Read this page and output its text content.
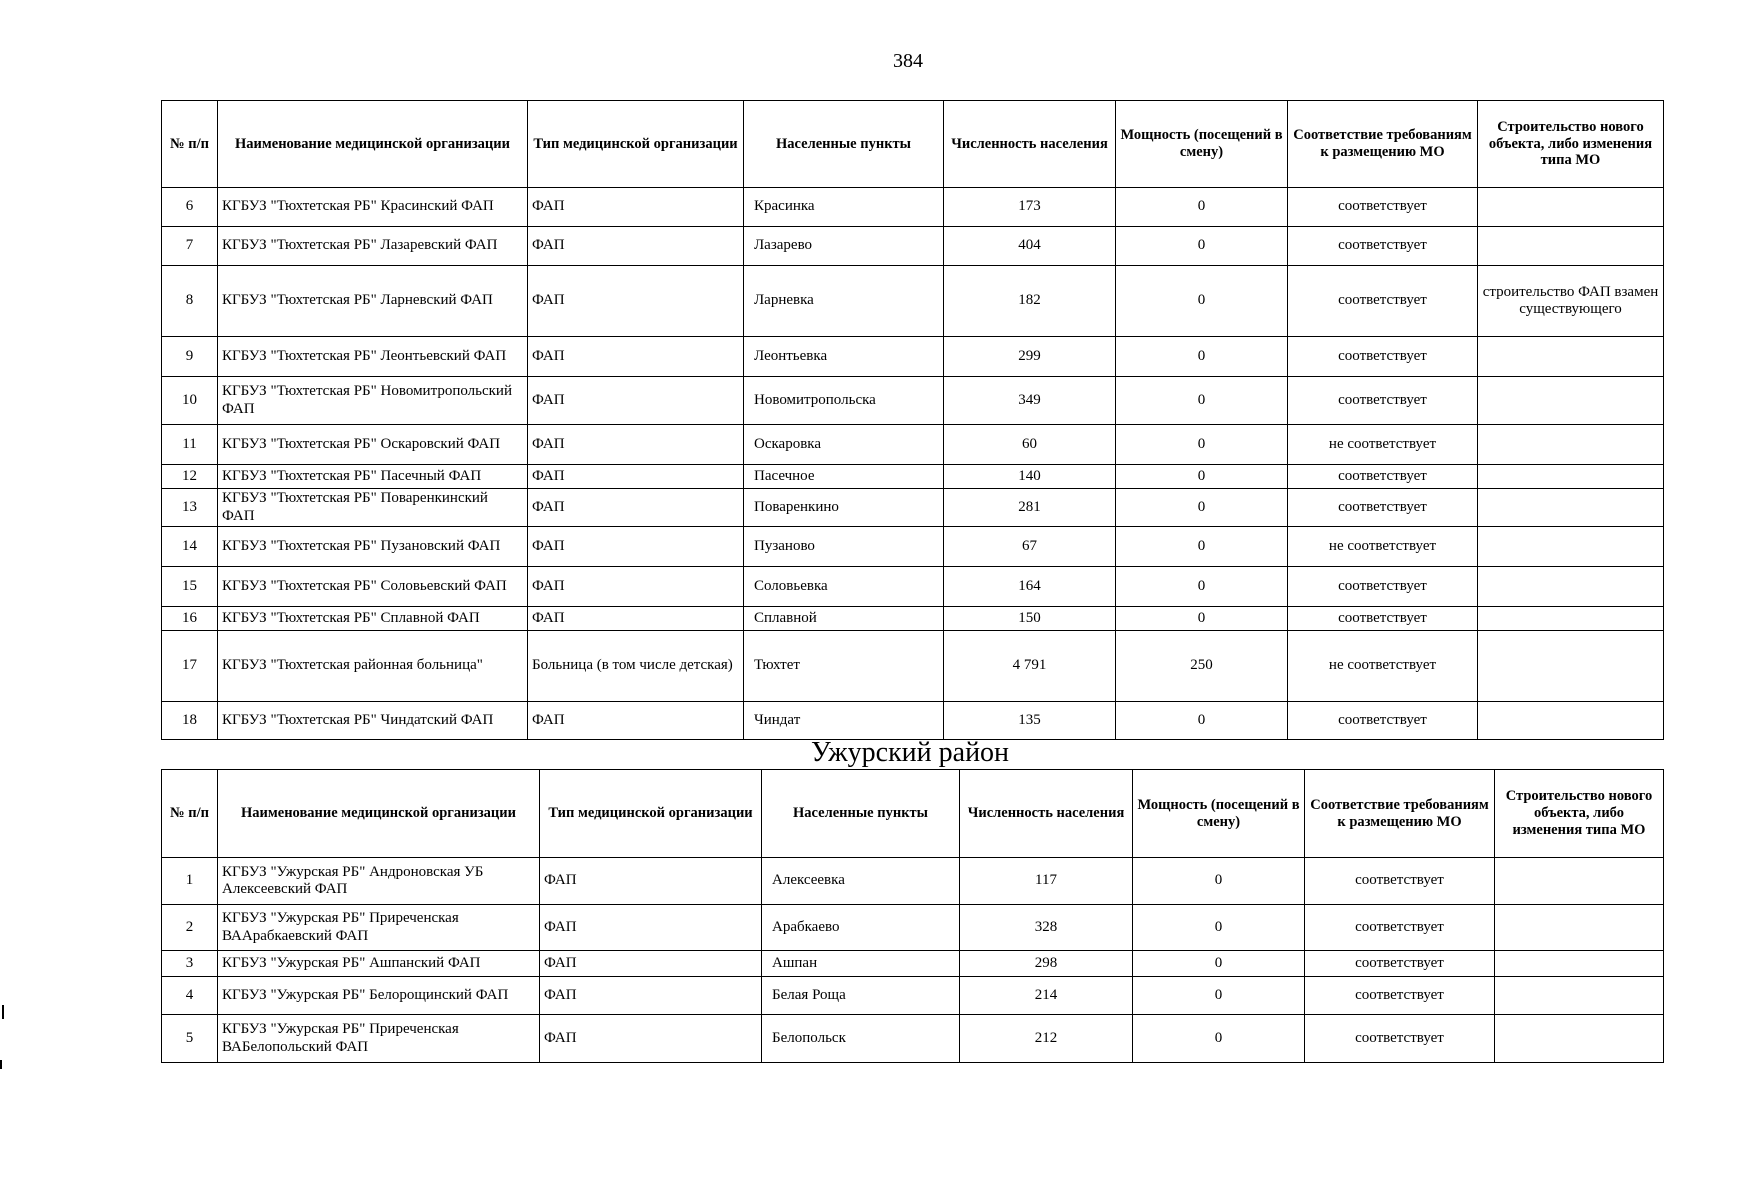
384
№ п/п	Наименование медицинской организации	Тип медицинской организации	Населенные пункты	Численность населения	Мощность (посещений в смену)	Соответствие требованиям к размещению МО	Строительство нового объекта, либо изменения типа МО
6	КГБУЗ "Тюхтетская РБ" Красинский ФАП	ФАП	Красинка	173	0	соответствует	
7	КГБУЗ "Тюхтетская РБ" Лазаревский ФАП	ФАП	Лазарево	404	0	соответствует	
8	КГБУЗ "Тюхтетская РБ" Ларневский ФАП	ФАП	Ларневка	182	0	соответствует	строительство ФАП взамен существующего
9	КГБУЗ "Тюхтетская РБ" Леонтьевский ФАП	ФАП	Леонтьевка	299	0	соответствует	
10	КГБУЗ "Тюхтетская РБ" Новомитропольский ФАП	ФАП	Новомитропольска	349	0	соответствует	
11	КГБУЗ "Тюхтетская РБ" Оскаровский ФАП	ФАП	Оскаровка	60	0	не соответствует	
12	КГБУЗ "Тюхтетская РБ" Пасечный ФАП	ФАП	Пасечное	140	0	соответствует	
13	КГБУЗ "Тюхтетская РБ" Поваренкинский ФАП	ФАП	Поваренкино	281	0	соответствует	
14	КГБУЗ "Тюхтетская РБ" Пузановский ФАП	ФАП	Пузаново	67	0	не соответствует	
15	КГБУЗ "Тюхтетская РБ" Соловьевский ФАП	ФАП	Соловьевка	164	0	соответствует	
16	КГБУЗ "Тюхтетская РБ" Сплавной ФАП	ФАП	Сплавной	150	0	соответствует	
17	КГБУЗ "Тюхтетская районная больница"	Больница (в том числе детская)	Тюхтет	4 791	250	не соответствует	
18	КГБУЗ "Тюхтетская РБ" Чиндатский ФАП	ФАП	Чиндат	135	0	соответствует	
Ужурский район
№ п/п	Наименование медицинской организации	Тип медицинской организации	Населенные пункты	Численность населения	Мощность (посещений в смену)	Соответствие требованиям к размещению МО	Строительство нового объекта, либо изменения типа МО
1	КГБУЗ "Ужурская РБ" Андроновская УБ Алексеевский ФАП	ФАП	Алексеевка	117	0	соответствует	
2	КГБУЗ "Ужурская РБ" Приреченская ВААрабкаевский ФАП	ФАП	Арабкаево	328	0	соответствует	
3	КГБУЗ "Ужурская РБ" Ашпанский ФАП	ФАП	Ашпан	298	0	соответствует	
4	КГБУЗ "Ужурская РБ" Белорощинский ФАП	ФАП	Белая Роща	214	0	соответствует	
5	КГБУЗ "Ужурская РБ" Приреченская ВАБелопольский ФАП	ФАП	Белопольск	212	0	соответствует	
